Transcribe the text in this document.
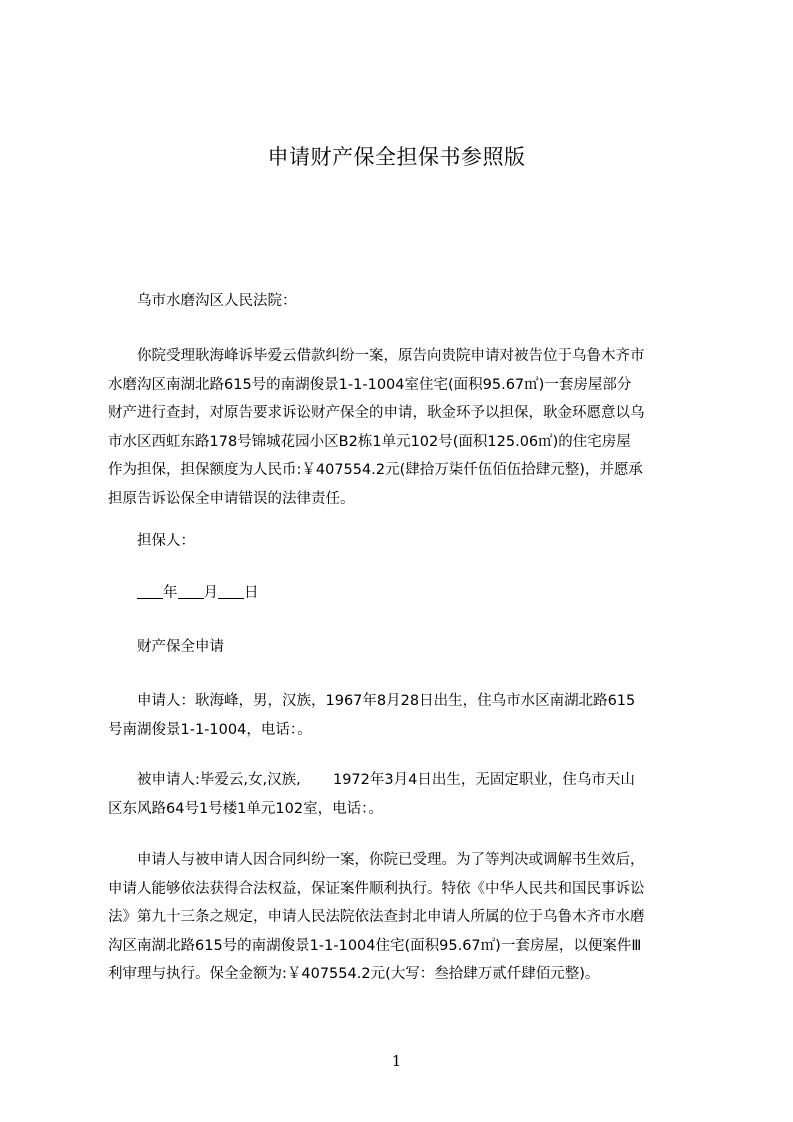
申请财产保全担保书参照版
乌市水磨沟区人民法院：

你院受理耿海峰诉毕爱云借款纠纷一案，原告向贵院申请对被告位于乌鲁木齐市

水磨沟区南湖北路615号的南湖俊景1-1-1004室住宅(面积95.67㎡)一套房屋部分

财产进行查封，对原告要求诉讼财产保全的申请，耿金环予以担保，耿金环愿意以乌

市水区西虹东路178号锦城花园小区B2栋1单元102号(面积125.06㎡)的住宅房屋

作为担保，担保额度为人民币:￥407554.2元(肆拾万柒仟伍佰伍拾肆元整)，并愿承

担原告诉讼保全申请错误的法律责任。

担保人：
年 月 日
财产保全申请

申请人：耿海峰，男，汉族，1967年8月28日出生，住乌市水区南湖北路615

号南湖俊景1-1-1004，电话：。

被申请人:毕爱云,女,汉族,       1972年3月4日出生，无固定职业，住乌市天山

区东风路64号1号楼1单元102室，电话：。

申请人与被申请人因合同纠纷一案，你院已受理。为了等判决或调解书生效后，

申请人能够依法获得合法权益，保证案件顺利执行。特依《中华人民共和国民事诉讼

法》第九十三条之规定，申请人民法院依法查封北申请人所属的位于乌鲁木齐市水磨

沟区南湖北路615号的南湖俊景1-1-1004住宅(面积95.67㎡)一套房屋，以便案件Ⅲ

利审理与执行。保全金额为:￥407554.2元(大写：叁拾肆万贰仟肆佰元整)。

1
